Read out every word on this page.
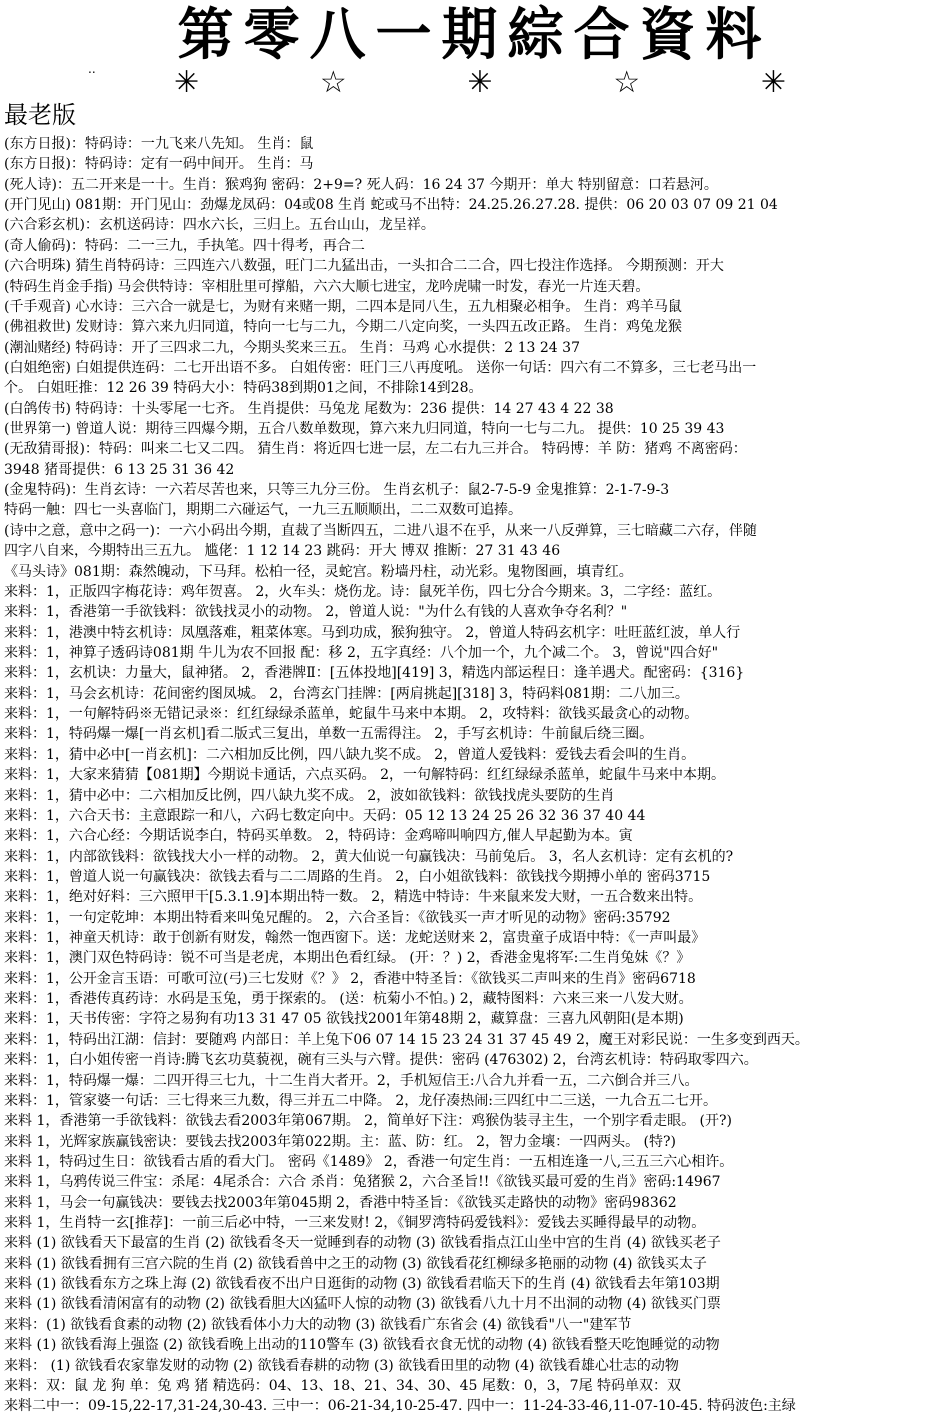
第零八一期綜合資料
..	✳	☆	✳	☆	✳
最老版
(东方日报)：特码诗：一九飞来八先知。 生肖：鼠
(东方日报)：特码诗：定有一码中间开。 生肖：马
(死人诗)：五二开来是一十。生肖：猴鸡狗 密码：2+9=? 死人码：16 24 37 今期开：单大 特别留意：口若悬河。
(开门见山) 081期：开门见山：劲爆龙凤码：04或08 生肖 蛇或马不出特：24.25.26.27.28. 提供：06 20 03 07 09 21 04
(六合彩玄机)：玄机送码诗：四水六长，三归上。五台山山，龙呈祥。
(奇人偷码)：特码：二一三九，手执笔。四十得考，再合二
(六合明珠) 猜生肖特码诗：三四连六八数强，旺门二九猛出击，一头扣合二二合，四七投注作选择。 今期预测：开大
(特码生肖金手指) 马会供特诗：宰相肚里可撑船，六六大顺七进宝，龙吟虎啸一时发，春光一片连天碧。
(千手观音) 心水诗：三六合一就是七，为财有来赌一期，二四本是同八生，五九相聚必相争。 生肖：鸡羊马鼠
(佛祖救世) 发财诗：算六来九归同道，特向一七与二九，今期二八定向奖，一头四五改正路。 生肖：鸡兔龙猴
(潮汕赌经) 特码诗：开了三四求二九，今期头奖来三五。 生肖：马鸡 心水提供：2 13 24 37
(白姐绝密) 白姐提供连码：二七开出语不多。 白姐传密：旺门三八再度吼。 送你一句话：四六有二不算多，三七老马出一
个。 白姐旺推：12 26 39 特码大小：特码38到期01之间，不排除14到28。
(白鸽传书) 特码诗：十头零尾一七齐。 生肖提供：马兔龙 尾数为：236 提供：14 27 43 4 22 38
(世界第一) 曾道人说：期待三四爆今期，五合八数单数现，算六来九归同道，特向一七与二九。 提供：10 25 39 43
(无敌猜哥报)：特码：叫来二七又二四。 猜生肖：将近四七进一层，左二右九三并合。 特码博：羊 防：猪鸡 不离密码：
3948 猪哥提供：6 13 25 31 36 42
(金鬼特码)：生肖玄诗：一六若尽苦也来，只等三九分三份。 生肖玄机子：鼠2-7-5-9 金鬼推算：2-1-7-9-3
特码一触：四七一头喜临门，期期二六碰运气，一九三五顺顺出，二二双数可追捧。
(诗中之意，意中之码一)：一六小码出今期，直裁了当断四五，二进八退不在乎，从来一八反弹算，三七暗藏二六存，伴随
四字八自来，今期特出三五九。 尴佬：1 12 14 23 跳码：开大 博双 推断：27 31 43 46
《马头诗》081期：森然魄动，下马拜。松柏一径，灵蛇宫。粉墙丹柱，动光彩。鬼物图画，填青红。
来料：1，正版四字梅花诗：鸡年贺喜。 2，火车头：烧伤龙。诗：鼠死羊伤，四七分合今期来。3，二字经：蓝红。
来料：1，香港第一手欲钱料：欲钱找灵小的动物。 2，曾道人说："为什么有钱的人喜欢争夺名利？"
来料：1，港澳中特玄机诗：凤凰落难，粗菜体寒。马到功成，猴狗独守。 2，曾道人特码玄机字：吐旺蓝红波，单人行
来料：1，神算子透码诗081期 牛儿为农不回报 配：移 2，五字真经：八个加一个，九个减二个。 3，曾说"四合好"
来料：1，玄机诀：力量大，鼠神猪。 2，香港牌Ⅱ：[五体投地][419] 3，精选内部运程日：逢羊遇犬。配密码：{316}
来料：1，马会玄机诗：花间密约图凤城。 2，台湾玄门挂牌：[两肩挑起][318] 3，特码料081期：二八加三。
来料：1，一句解特码※无错记录※：红红绿绿杀蓝单，蛇鼠牛马来中本期。 2，攻特料：欲钱买最贪心的动物。
来料：1，特码爆一爆[一肖玄机]看二版式三复出，单数一五需得注。 2，手写玄机诗：牛前鼠后绕三圈。
来料：1，猜中必中[一肖玄机]：二六相加反比例，四八缺九奖不成。 2，曾道人爱钱料：爱钱去看会叫的生肖。
来料：1，大家来猜猜【081期】今期说卡通话，六点买码。 2，一句解特码：红红绿绿杀蓝单，蛇鼠牛马来中本期。
来料：1，猜中必中：二六相加反比例，四八缺九奖不成。 2，波如欲钱料：欲钱找虎头要防的生肖
来料：1，六合天书：主意跟踪一和八，六码七数定向中。天码：05 12 13 24 25 26 32 36 37 40 44
来料：1，六合心经：今期话说李白，特码买单数。 2，特码诗：金鸡啼叫响四方,催人早起勤为本。寅
来料：1，内部欲钱料：欲钱找大小一样的动物。 2，黄大仙说一句赢钱决：马前兔后。 3，名人玄机诗：定有玄机的?
来料：1，曾道人说一句赢钱决：欲钱去看与二二周路的生肖。 2，白小姐欲钱料：欲钱找今期搏小单的 密码3715
来料：1，绝对好料：三六照甲干[5.3.1.9]本期出特一数。 2，精选中特诗：牛来鼠来发大财，一五合数来出特。
来料：1，一句定乾坤：本期出特看来叫兔兄醒的。 2，六合圣旨：《欲钱买一声才听见的动物》密码:35792
来料：1，神童天机诗：敢于创新有财发，翰然一饱西窗下。送：龙蛇送财来 2，富贵童子成语中特：《一声叫最》
来料：1，澳门双色特码诗：锐不可当是老虎，本期出色看红绿。 (开：？) 2，香港金鬼将军:二生肖兔妹《？》
来料：1，公开金言玉语：可歌可泣(弓)三七发财《？》 2，香港中特圣旨：《欲钱买二声叫来的生肖》密码6718
来料：1，香港传真药诗：水码是玉兔，勇于探索的。 (送：杭菊小不怕。) 2，藏特图料：六来三来一八发大财。
来料：1，天书传密：字符之易狗有功13 31 47 05 欲钱找2001年第48期 2，藏算盘：三喜九风朝阳(是本期)
来料：1，特码出江湖：信封：要随鸡 内部日：羊上兔下06 07 14 15 23 24 31 37 45 49 2，魔王对彩民说：一生多变到西天。
来料：1，白小姐传密一肖诗:腾飞玄功莫藐视，碗有三头与六臂。提供：密码 (476302) 2，台湾玄机诗：特码取零四六。
来料：1，特码爆一爆：二四开得三七九，十二生肖大者开。2，手机短信王:八合九并看一五，二六倒合并三八。
来料：1，管家婆一句话：三七得来三九数，得三并五二中降。 2，龙仔凑热闹:三四红中二三送，一九合五二七开。
来料 1，香港第一手欲钱料：欲钱去看2003年第067期。 2，简单好下注：鸡猴伪装寻主生，一个别字看走眼。 (开?)
来料 1，光辉家族赢钱密诀：要钱去找2003年第022期。主：蓝、防：红。 2，智力金壤：一四两头。 (特?)
来料 1，特码过生日：欲钱看古盾的看大门。 密码《1489》 2，香港一句定生肖：一五相连逢一八,三五三六心相许。
来料 1，乌鸦传说三件宝：杀尾：4尾杀合：六合 杀肖：兔猪猴 2，六合圣旨!!《欲钱买最可爱的生肖》密码:14967
来料 1，马会一句赢钱决：要钱去找2003年第045期 2，香港中特圣旨：《欲钱买走路快的动物》密码98362
来料 1，生肖特一玄[推荐]：一前三后必中特，一三来发财! 2，《铜罗湾特码爱钱料》：爱钱去买睡得最早的动物。
来料 (1) 欲钱看天下最富的生肖 (2) 欲钱看冬天一觉睡到春的动物 (3) 欲钱看指点江山坐中宫的生肖 (4) 欲钱买老子
来料 (1) 欲钱看拥有三宫六院的生肖 (2) 欲钱看兽中之王的动物 (3) 欲钱看花红柳绿多艳丽的动物 (4) 欲钱买太子
来料 (1) 欲钱看东方之珠上海 (2) 欲钱看夜不出户日逛街的动物 (3) 欲钱看君临天下的生肖 (4) 欲钱看去年第103期
来料 (1) 欲钱看清闲富有的动物 (2) 欲钱看胆大凶猛吓人惊的动物 (3) 欲钱看八九十月不出洞的动物 (4) 欲钱买门票
来料：(1) 欲钱看食素的动物 (2) 欲钱看体小力大的动物 (3) 欲钱看广东省会 (4) 欲钱看"八一"建军节
来料 (1) 欲钱看海上强盗 (2) 欲钱看晚上出动的110警车 (3) 欲钱看衣食无忧的动物 (4) 欲钱看整天吃饱睡觉的动物
来料： (1) 欲钱看农家靠发财的动物 (2) 欲钱看春耕的动物 (3) 欲钱看田里的动物 (4) 欲钱看雄心壮志的动物
来料：双：鼠 龙 狗 单：兔 鸡 猪 精选码：04、13、18、21、34、30、45 尾数：0，3，7尾 特码单双：双
来料二中一：09-15,22-17,31-24,30-43. 三中一：06-21-34,10-25-47. 四中一：11-24-33-46,11-07-10-45. 特码波色:主绿
